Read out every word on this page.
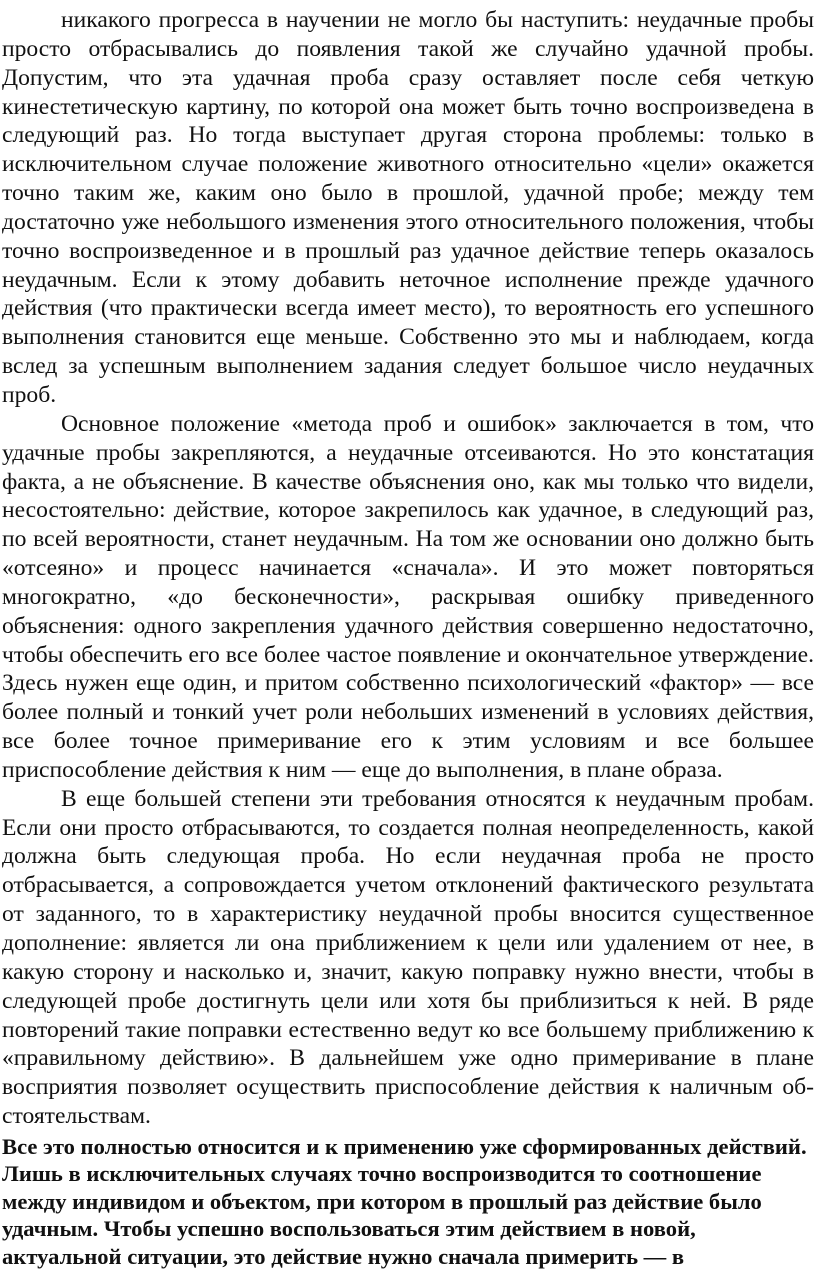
никакого прогресса в научении не могло бы наступить: неудачные пробы просто отбрасывались до появления такой же случайно удачной пробы. Допустим, что эта удачная проба сразу оставляет после себя четкую кинестетическую картину, по которой она может быть точно воспроизведена в следующий раз. Но тогда выступает другая сторона проблемы: только в исключительном случае положение животного относительно «цели» окажется точно таким же, каким оно было в прошлой, удачной пробе; между тем достаточно уже небольшого изменения этого относительного положения, чтобы точно воспроизведенное и в прошлый раз удачное действие теперь оказалось неудачным. Если к этому добавить неточное исполнение прежде удачного действия (что практически всегда имеет место), то вероятность его успешного выполнения становится еще меньше. Собственно это мы и наблюдаем, когда вслед за успешным выполнением задания следует большое число неудачных проб.

Основное положение «метода проб и ошибок» заключается в том, что удачные пробы закрепляются, а неудачные отсеиваются. Но это констатация факта, а не объяснение. В качестве объяснения оно, как мы только что видели, несостоятельно: действие, которое закрепилось как удачное, в следующий раз, по всей вероятности, станет неудачным. На том же основании оно должно быть «отсеяно» и процесс начинается «сначала». И это может повторяться многократно, «до бесконечности», раскрывая ошибку приведенного объяснения: одного закрепления удачного действия совершенно недостаточно, чтобы обеспечить его все более частое появление и окончательное утверждение. Здесь нужен еще один, и притом собственно психологический «фактор» — все более полный и тонкий учет роли небольших изменений в условиях действия, все более точное примеривание его к этим условиям и все большее приспособление действия к ним — еще до выполнения, в плане образа.

В еще большей степени эти требования относятся к неудачным пробам. Если они просто отбрасываются, то создается полная неопределенность, какой должна быть следующая проба. Но если неудачная проба не просто отбрасывается, а сопровождается учетом отклонений фактического результата от заданного, то в характеристику неудачной пробы вносится существенное дополнение: является ли она приближением к цели или удалением от нее, в какую сторону и насколько и, значит, какую поправку нужно внести, чтобы в следующей пробе достигнуть цели или хотя бы приблизиться к ней. В ряде повторений такие поправки естественно ведут ко все большему приближению к «правильному действию». В дальнейшем уже одно примеривание в плане восприятия позволяет осуществить приспособление действия к наличным обстоятельствам.

Все это полностью относится и к применению уже сформированных действий. Лишь в исключительных случаях точно воспроизводится то соотношение между индивидом и объектом, при котором в прошлый раз действие было удачным. Чтобы успешно воспользоваться этим действием в новой, актуальной ситуации, это действие нужно сначала примерить — в
